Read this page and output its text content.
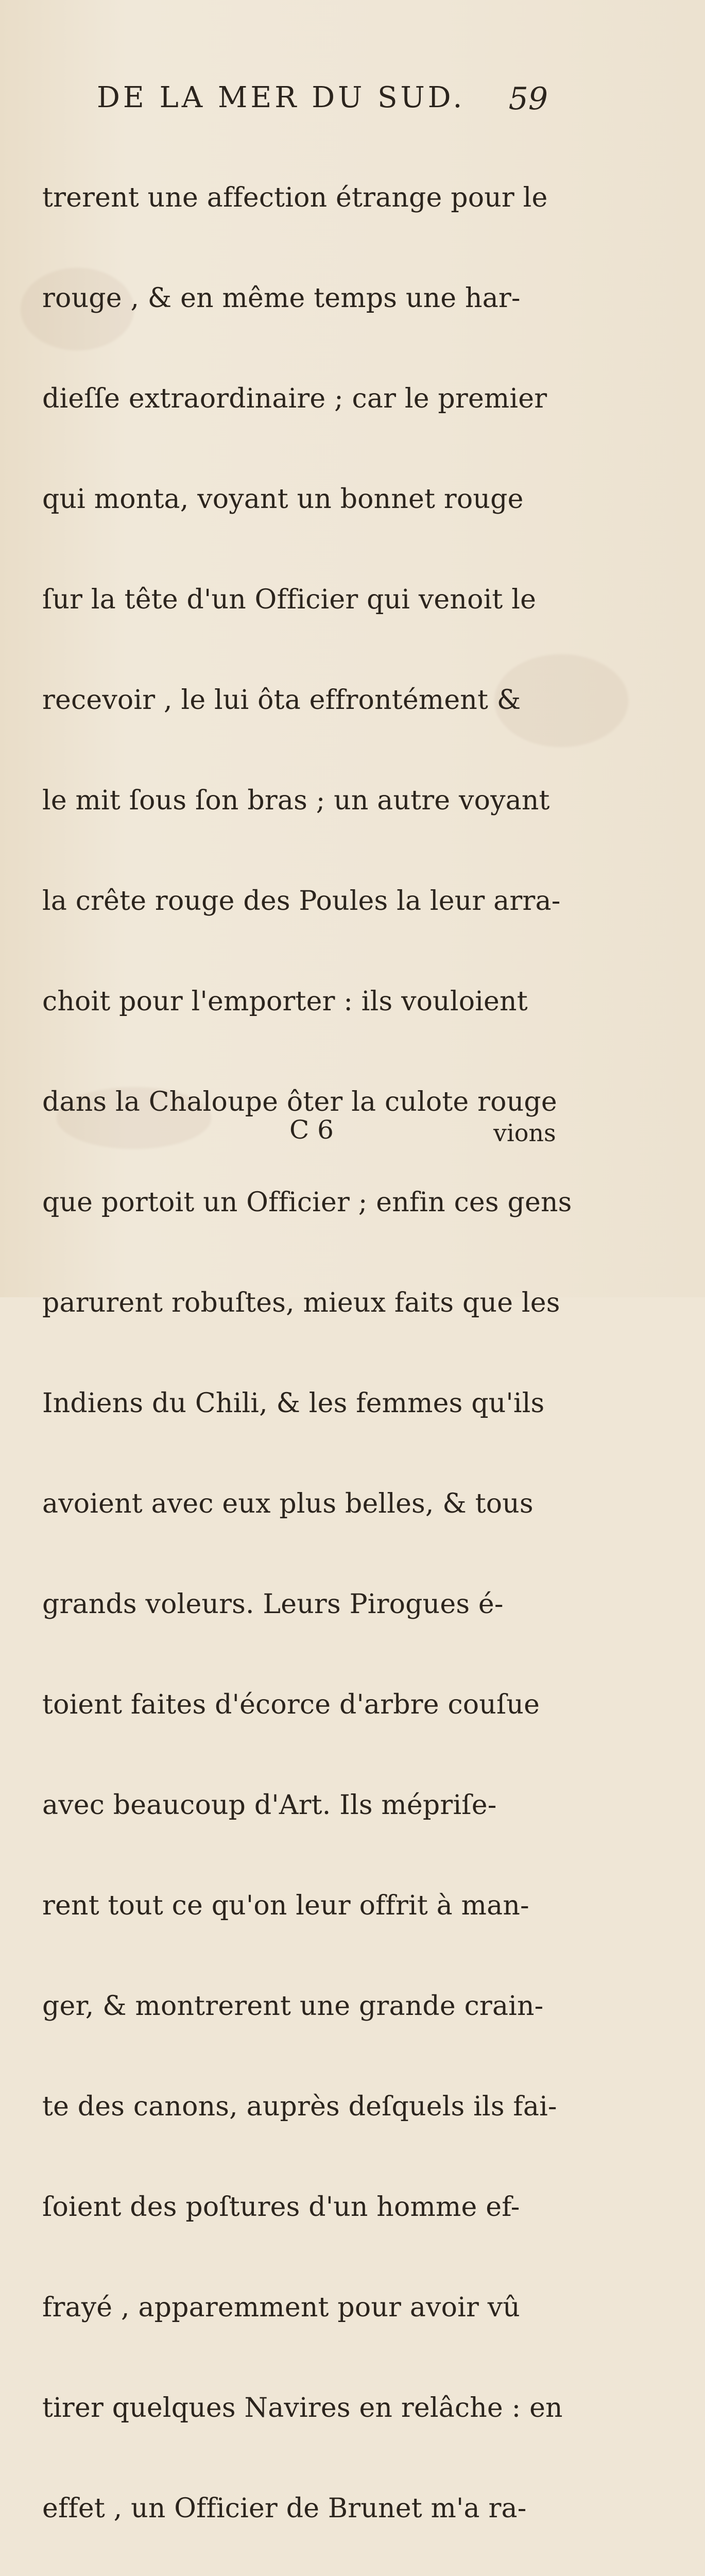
DE LA MER DU SUD. 59

trerent une affection étrange pour le

rouge , & en même temps une har-

dieſſe extraordinaire ; car le premier

qui monta, voyant un bonnet rouge

ſur la tête d'un Officier qui venoit le

recevoir , le lui ôta effrontément &

le mit ſous ſon bras ; un autre voyant

la crête rouge des Poules la leur arra-

choit pour l'emporter : ils vouloient

dans la Chaloupe ôter la culote rouge

que portoit un Officier ; enfin ces gens

parurent robuſtes, mieux faits que les

Indiens du Chili, & les femmes qu'ils

avoient avec eux plus belles, & tous

grands voleurs. Leurs Pirogues é-

toient faites d'écorce d'arbre couſue

avec beaucoup d'Art. Ils mépriſe-

rent tout ce qu'on leur offrit à man-

ger, & montrerent une grande crain-

te des canons, auprès deſquels ils fai-

ſoient des poſtures d'un homme ef-

frayé , apparemment pour avoir vû

tirer quelques Navires en relâche : en

effet , un Officier de Brunet m'a ra-

C 6	vions
